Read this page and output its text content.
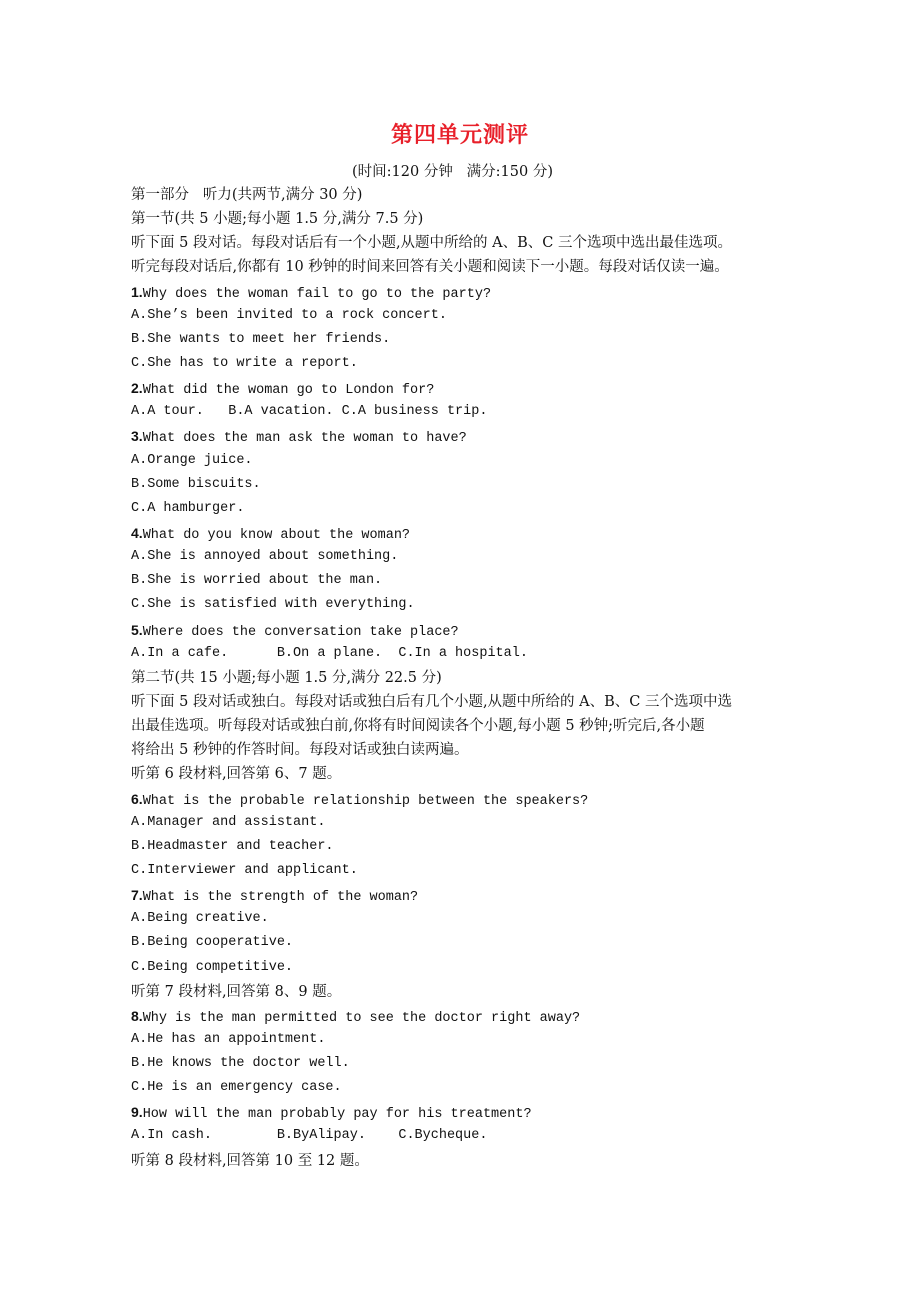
第四单元测评
(时间:120 分钟   满分:150 分)
第一部分   听力(共两节,满分 30 分)
第一节(共 5 小题;每小题 1.5 分,满分 7.5 分)
听下面 5 段对话。每段对话后有一个小题,从题中所给的 A、B、C 三个选项中选出最佳选项。
听完每段对话后,你都有 10 秒钟的时间来回答有关小题和阅读下一小题。每段对话仅读一遍。
1.Why does the woman fail to go to the party?
A.She’s been invited to a rock concert.
B.She wants to meet her friends.
C.She has to write a report.
2.What did the woman go to London for?
A.A tour.   B.A vacation. C.A business trip.
3.What does the man ask the woman to have?
A.Orange juice.
B.Some biscuits.
C.A hamburger.
4.What do you know about the woman?
A.She is annoyed about something.
B.She is worried about the man.
C.She is satisfied with everything.
5.Where does the conversation take place?
A.In a cafe.      B.On a plane.  C.In a hospital.
第二节(共 15 小题;每小题 1.5 分,满分 22.5 分)
听下面 5 段对话或独白。每段对话或独白后有几个小题,从题中所给的 A、B、C 三个选项中选
出最佳选项。听每段对话或独白前,你将有时间阅读各个小题,每小题 5 秒钟;听完后,各小题
将给出 5 秒钟的作答时间。每段对话或独白读两遍。
听第 6 段材料,回答第 6、7 题。
6.What is the probable relationship between the speakers?
A.Manager and assistant.
B.Headmaster and teacher.
C.Interviewer and applicant.
7.What is the strength of the woman?
A.Being creative.
B.Being cooperative.
C.Being competitive.
听第 7 段材料,回答第 8、9 题。
8.Why is the man permitted to see the doctor right away?
A.He has an appointment.
B.He knows the doctor well.
C.He is an emergency case.
9.How will the man probably pay for his treatment?
A.In cash.        B.ByAlipay.    C.Bycheque.
听第 8 段材料,回答第 10 至 12 题。
